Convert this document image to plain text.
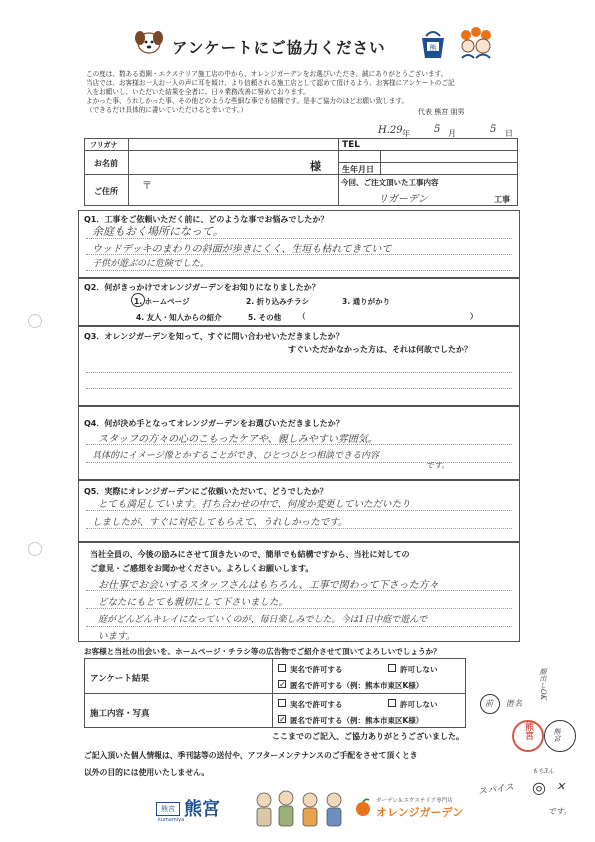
アンケートにご協力ください	熊
この度は、数ある造園・エクステリア施工店の中から、オレンジガーデンをお選びいただき、誠にありがとうございます。
当店では、お客様お一人お一人の声に耳を傾け、より信頼される施工店として認めて頂けるよう、お客様にアンケートのご記
入をお願いし、いただいた結果を全者に、日々業務改善に努めております。
よかった事、うれしかった事、その他どのような些細な事でも結構です。是非ご協力のほどお願い致します。
（できるだけ具体的に書いていただけると幸いです。）	代表 熊宮 朋男
H.29 年 5 月	5 日
フリガナ
お名前	様
ご住所 〒
TEL
生年月日
今回、ご注文頂いた工事内容
リガーデン	工事
Q1．工事をご依頼いただく前に、どのような事でお悩みでしたか？
余庭もおく場所になって。
ウッドデッキのまわりの斜面が歩きにくく、生垣も枯れてきていて
子供が遊ぶのに危険でした。
Q2．何がきっかけでオレンジガーデンをお知りになりましたか？
1. ホームページ	2. 折り込みチラシ	3. 通りがかり
4. 友人・知人からの紹介	5. その他 （	）
Q3．オレンジガーデンを知って、すぐに問い合わせいただきましたか？
すぐいただかなかった方は、それは何故でしたか？
Q4．何が決め手となってオレンジガーデンをお選びいただきましたか？
スタッフの方々の心のこもったケアや、親しみやすい雰囲気。
具体的にイメージ像とかすることができ、ひとつひとつ相談できる内容
です。
Q5．実際にオレンジガーデンにご依頼いただいて、どうでしたか？
とても満足しています。打ち合わせの中で、何度か変更していただいたり
しましたが、すぐに対応してもらえて、うれしかったです。
当社全員の、今後の励みにさせて頂きたいので、簡単でも結構ですから、当社に対しての
ご意見・ご感想をお聞かせください。よろしくお願いします。
お仕事でお会いするスタッフさんはもちろん、工事で関わって下さった方々
どなたにもとても親切にして下さいました。
庭がどんどんキレイになっていくのが、毎日楽しみでした。今は1日中庭で遊んで
います。
お客様と当社の出会いを、ホームページ・チラシ等の広告物でご紹介させて頂いてよろしいでしょうか？
アンケート結果
実名で許可する	許可しない
✓ 匿名で許可する（例：熊本市東区K様）
施工内容・写真
実名で許可する	許可しない
✓ 匿名で許可する（例：熊本市東区K様）
ここまでのご記入、ご協力ありがとうございました。
顔出しOK
前 匿名
熊宮	熊宮
ご記入頂いた個人情報は、季刊誌等の送付や、アフターメンテナンスのご手配をさせて頂くとき
以外の目的には使用いたしません。	もち3ん
スパイス ◎ ✕
です。
熊宮 熊宮
kumamiya
ガーデン＆エクステリア専門店
オレンジガーデン
